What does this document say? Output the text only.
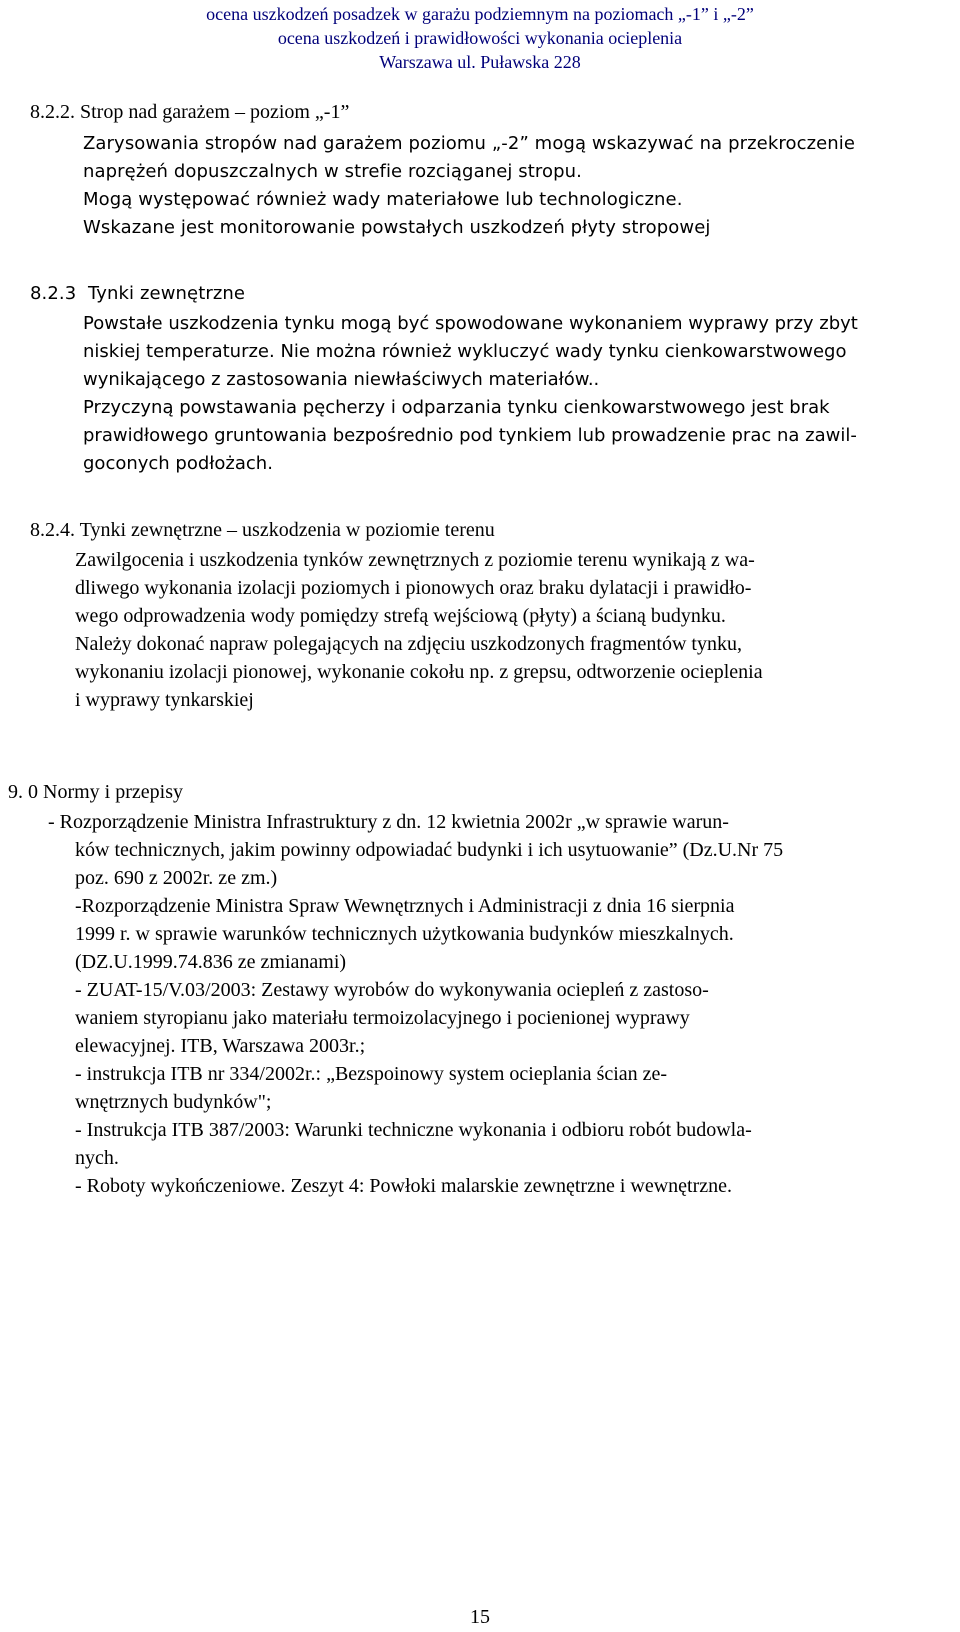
ocena uszkodzeń posadzek w garażu podziemnym na poziomach „-1” i „-2”
ocena uszkodzeń i prawidłowości wykonania ocieplenia
Warszawa ul. Puławska 228
8.2.2. Strop nad garażem – poziom „-1”
Zarysowania stropów nad garażem poziomu „-2” mogą wskazywać na przekroczenie
naprężeń dopuszczalnych w strefie rozciąganej stropu.
Mogą występować również wady materiałowe lub technologiczne.
Wskazane jest monitorowanie powstałych uszkodzeń płyty stropowej
8.2.3 Tynki zewnętrzne
Powstałe uszkodzenia tynku mogą być spowodowane wykonaniem wyprawy przy zbyt
niskiej temperaturze. Nie można również wykluczyć wady tynku cienkowarstwowego
wynikającego z zastosowania niewłaściwych materiałów..
Przyczyną powstawania pęcherzy i odparzania tynku cienkowarstwowego jest brak
prawidłowego gruntowania bezpośrednio pod tynkiem lub prowadzenie prac na zawil-
goconych podłożach.
8.2.4. Tynki zewnętrzne – uszkodzenia w poziomie terenu
Zawilgocenia i uszkodzenia tynków zewnętrznych z poziomie terenu wynikają z wa-
dliwego wykonania izolacji poziomych i pionowych oraz braku dylatacji i prawidło-
wego odprowadzenia wody pomiędzy strefą wejściową (płyty) a ścianą budynku.
Należy dokonać napraw polegających na zdjęciu uszkodzonych fragmentów tynku,
wykonaniu izolacji pionowej, wykonanie cokołu np. z grepsu, odtworzenie ocieplenia
i wyprawy tynkarskiej
9. 0 Normy i przepisy
- Rozporządzenie Ministra Infrastruktury z dn. 12 kwietnia 2002r „w sprawie warun-
ków technicznych, jakim powinny odpowiadać budynki i ich usytuowanie” (Dz.U.Nr 75
poz. 690 z 2002r. ze zm.)
-Rozporządzenie Ministra Spraw Wewnętrznych i Administracji z dnia 16 sierpnia
1999 r. w sprawie warunków technicznych użytkowania budynków mieszkalnych.
(DZ.U.1999.74.836 ze zmianami)
- ZUAT-15/V.03/2003: Zestawy wyrobów do wykonywania ociepleń z zastoso-
waniem styropianu jako materiału termoizolacyjnego i pocienionej wyprawy
elewacyjnej. ITB, Warszawa 2003r.;
- instrukcja ITB nr 334/2002r.: „Bezspoinowy system ocieplania ścian ze-
wnętrznych budynków";
- Instrukcja ITB 387/2003: Warunki techniczne wykonania i odbioru robót budowla-
nych.
- Roboty wykończeniowe. Zeszyt 4: Powłoki malarskie zewnętrzne i wewnętrzne.
15
